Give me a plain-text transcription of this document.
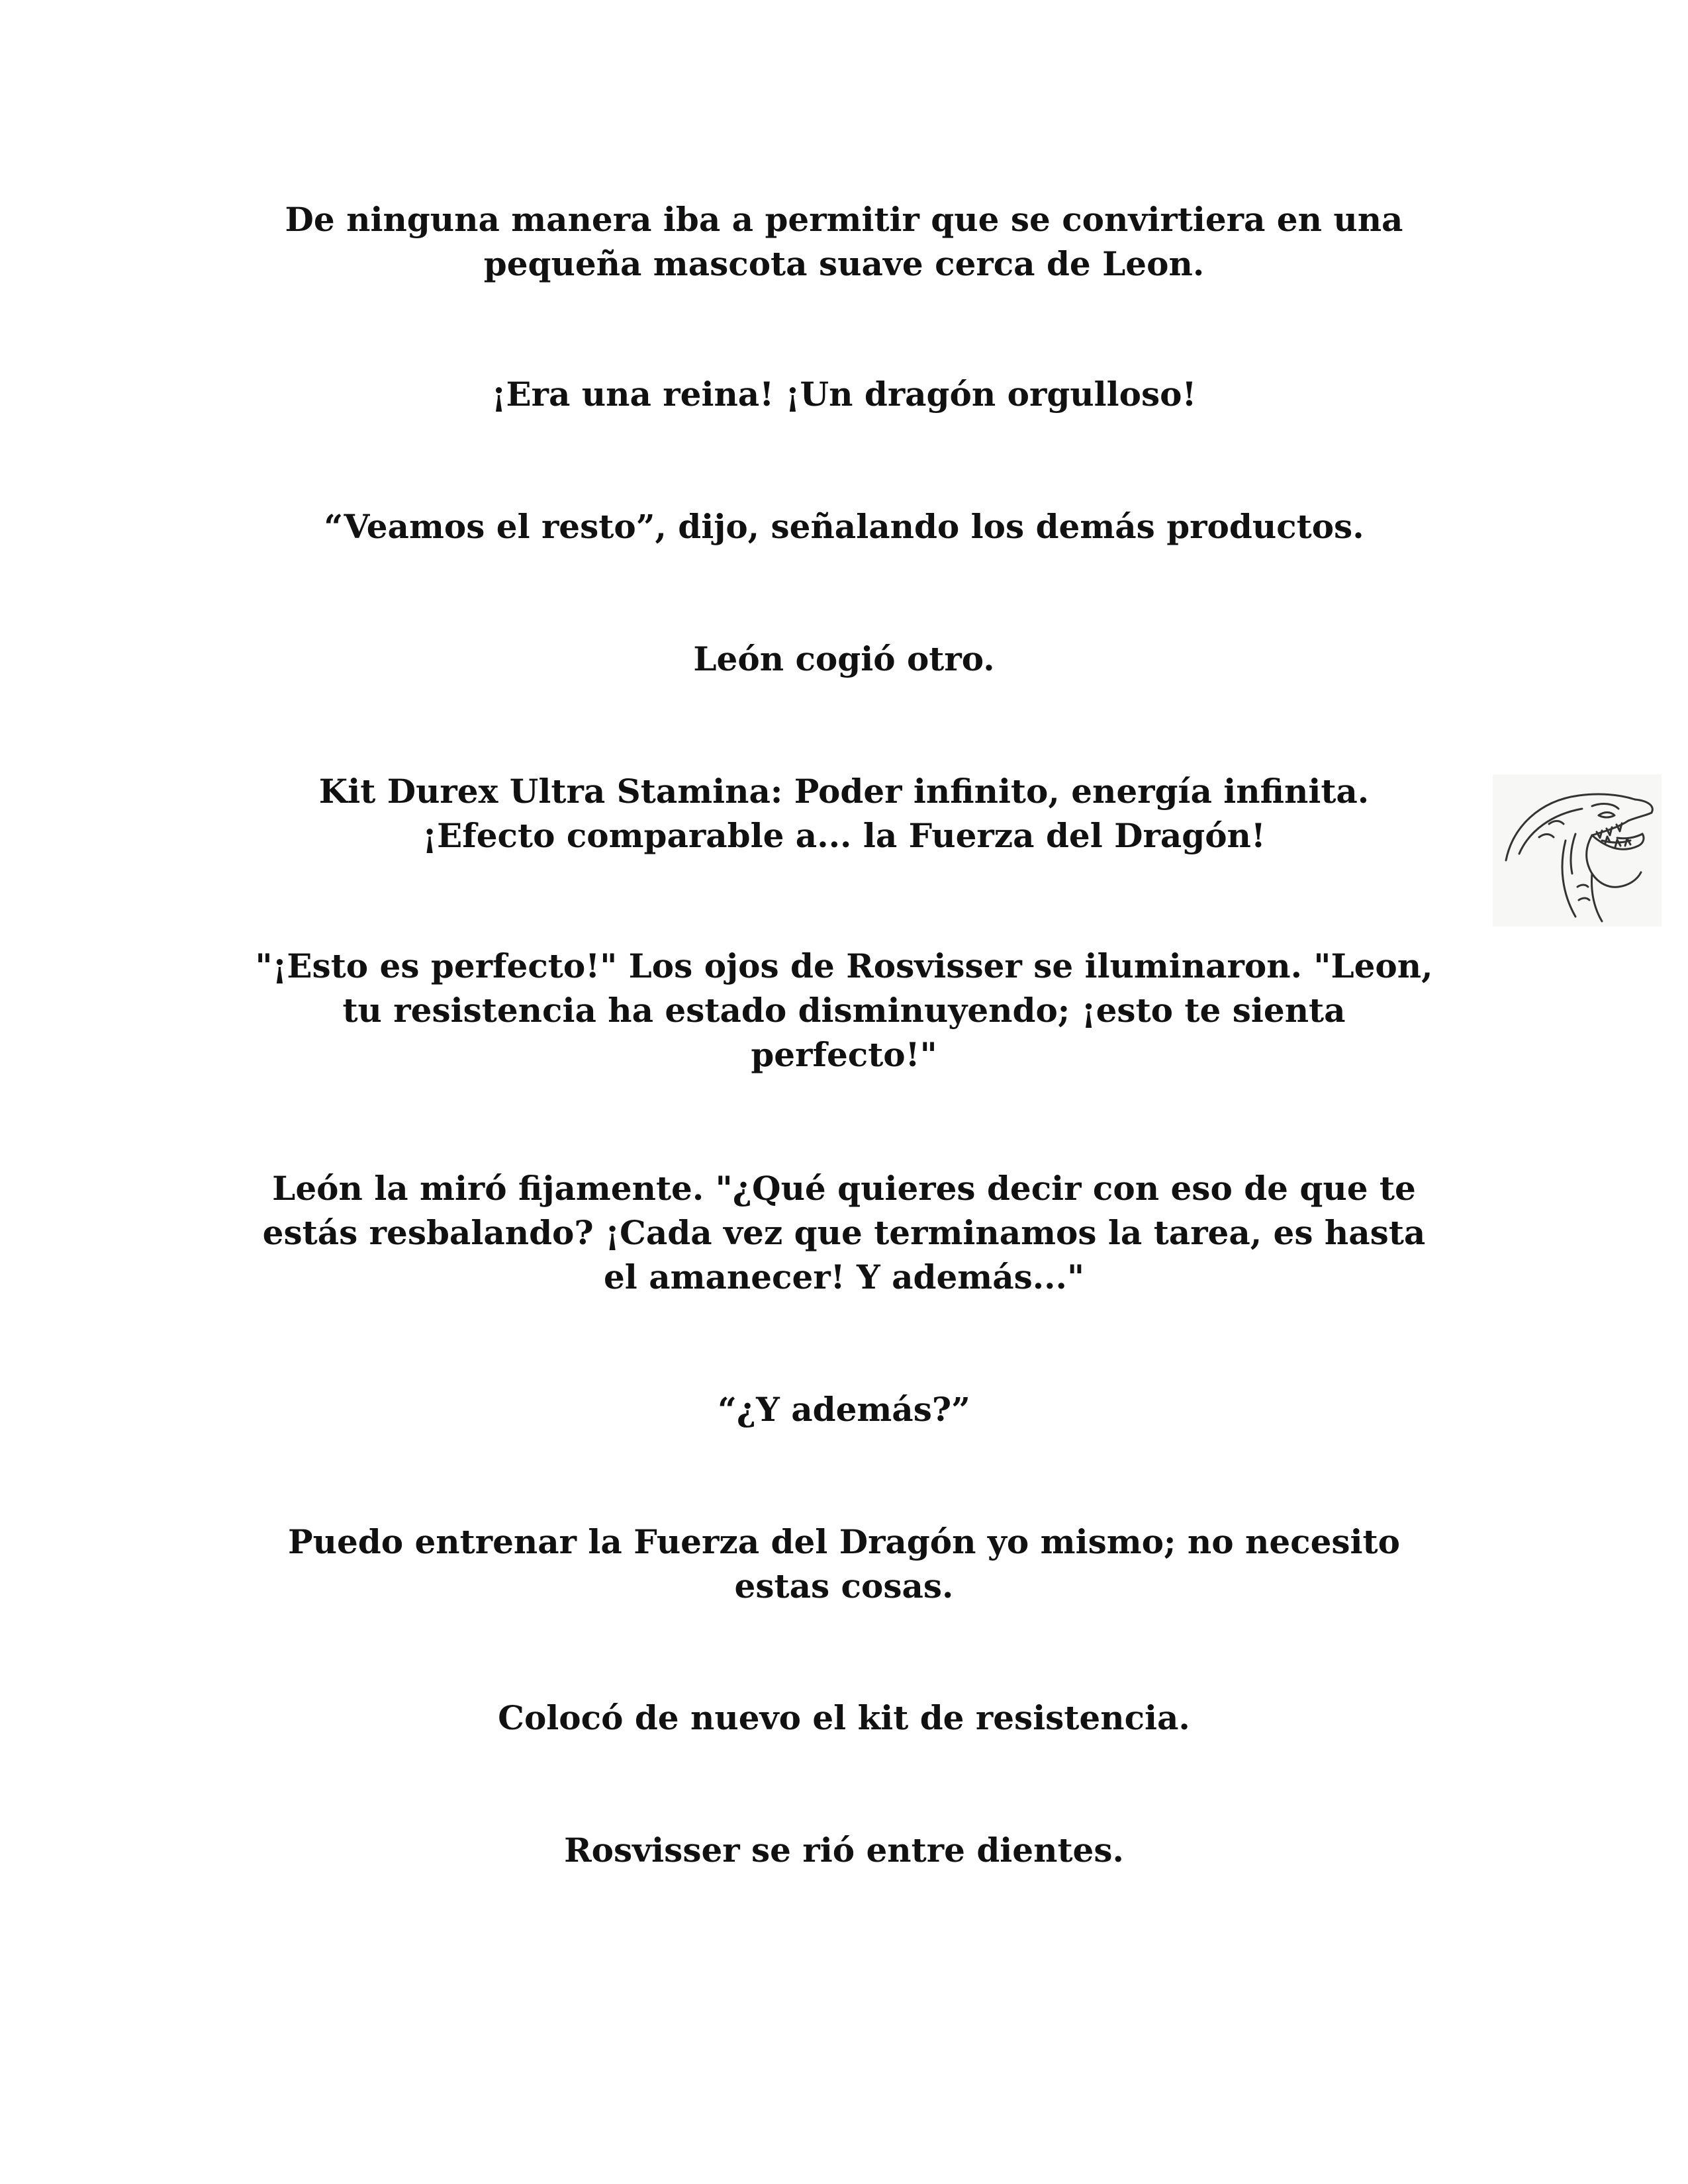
De ninguna manera iba a permitir que se convirtiera en una
pequeña mascota suave cerca de Leon.

¡Era una reina! ¡Un dragón orgulloso!

“Veamos el resto”, dijo, señalando los demás productos.

León cogió otro.

Kit Durex Ultra Stamina: Poder infinito, energía infinita.
¡Efecto comparable a... la Fuerza del Dragón!

"¡Esto es perfecto!" Los ojos de Rosvisser se iluminaron. "Leon,
tu resistencia ha estado disminuyendo; ¡esto te sienta
perfecto!"

León la miró fijamente. "¿Qué quieres decir con eso de que te
estás resbalando? ¡Cada vez que terminamos la tarea, es hasta
el amanecer! Y además..."

“¿Y además?”

Puedo entrenar la Fuerza del Dragón yo mismo; no necesito
estas cosas.

Colocó de nuevo el kit de resistencia.

Rosvisser se rió entre dientes.
